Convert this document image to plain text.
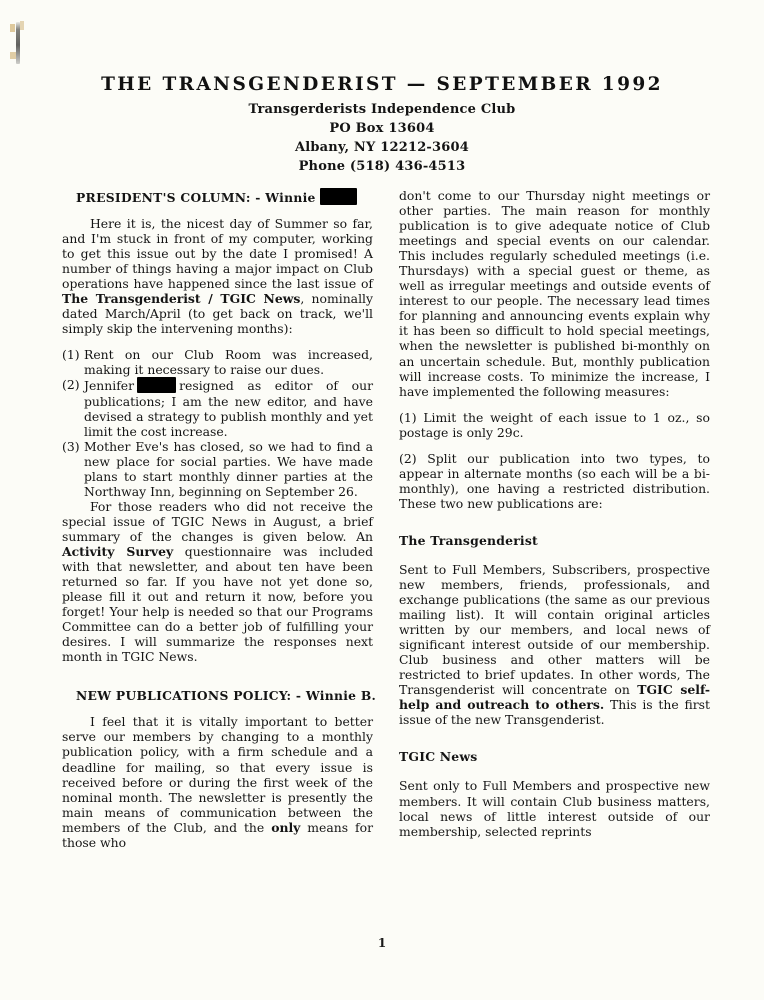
THE TRANSGENDERIST — SEPTEMBER 1992
Transgerderists Independence Club
PO Box 13604
Albany, NY 12212-3604
Phone (518) 436-4513
PRESIDENT'S COLUMN: - Winnie

Here it is, the nicest day of Summer so far, and I'm stuck in front of my computer, working to get this issue out by the date I promised! A number of things having a major impact on Club operations have happened since the last issue of The Transgenderist / TGIC News, nominally dated March/April (to get back on track, we'll simply skip the intervening months):

(1) Rent on our Club Room was increased, making it necessary to raise our dues.
(2) Jennifer	resigned as editor of our publications; I am the new editor, and have devised a strategy to publish monthly and yet limit the cost increase.
(3) Mother Eve's has closed, so we had to find a new place for social parties. We have made plans to start monthly dinner parties at the Northway Inn, beginning on September 26.

For those readers who did not receive the special issue of TGIC News in August, a brief summary of the changes is given below. An Activity Survey questionnaire was included with that newsletter, and about ten have been returned so far. If you have not yet done so, please fill it out and return it now, before you forget! Your help is needed so that our Programs Committee can do a better job of fulfilling your desires. I will summarize the responses next month in TGIC News.

NEW PUBLICATIONS POLICY: - Winnie B.

I feel that it is vitally important to better serve our members by changing to a monthly publication policy, with a firm schedule and a deadline for mailing, so that every issue is received before or during the first week of the nominal month. The newsletter is presently the main means of communication between the members of the Club, and the only means for those who

don't come to our Thursday night meetings or other parties. The main reason for monthly publication is to give adequate notice of Club meetings and special events on our calendar. This includes regularly scheduled meetings (i.e. Thursdays) with a special guest or theme, as well as irregular meetings and outside events of interest to our people. The necessary lead times for planning and announcing events explain why it has been so difficult to hold special meetings, when the newsletter is published bi-monthly on an uncertain schedule. But, monthly publication will increase costs. To minimize the increase, I have implemented the following measures:

(1) Limit the weight of each issue to 1 oz., so postage is only 29c.

(2) Split our publication into two types, to appear in alternate months (so each will be a bi-monthly), one having a restricted distribution. These two new publications are:

The Transgenderist

Sent to Full Members, Subscribers, prospective new members, friends, professionals, and exchange publications (the same as our previous mailing list). It will contain original articles written by our members, and local news of significant interest outside of our membership. Club business and other matters will be restricted to brief updates. In other words, The Transgenderist will concentrate on TGIC self-help and outreach to others. This is the first issue of the new Transgenderist.

TGIC News

Sent only to Full Members and prospective new members. It will contain Club business matters, local news of little interest outside of our membership, selected reprints

1
